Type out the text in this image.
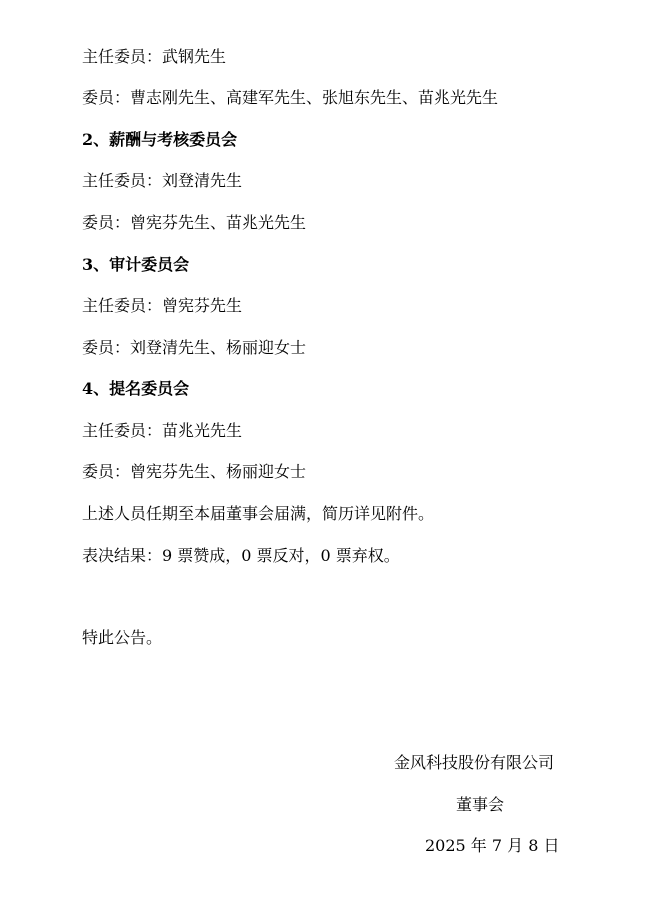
主任委员：武钢先生
委员：曹志刚先生、高建军先生、张旭东先生、苗兆光先生
2、薪酬与考核委员会
主任委员：刘登清先生
委员：曾宪芬先生、苗兆光先生
3、审计委员会
主任委员：曾宪芬先生
委员：刘登清先生、杨丽迎女士
4、提名委员会
主任委员：苗兆光先生
委员：曾宪芬先生、杨丽迎女士
上述人员任期至本届董事会届满，简历详见附件。
表决结果：9 票赞成，0 票反对，0 票弃权。
特此公告。
金风科技股份有限公司
董事会
2025 年 7 月 8 日
